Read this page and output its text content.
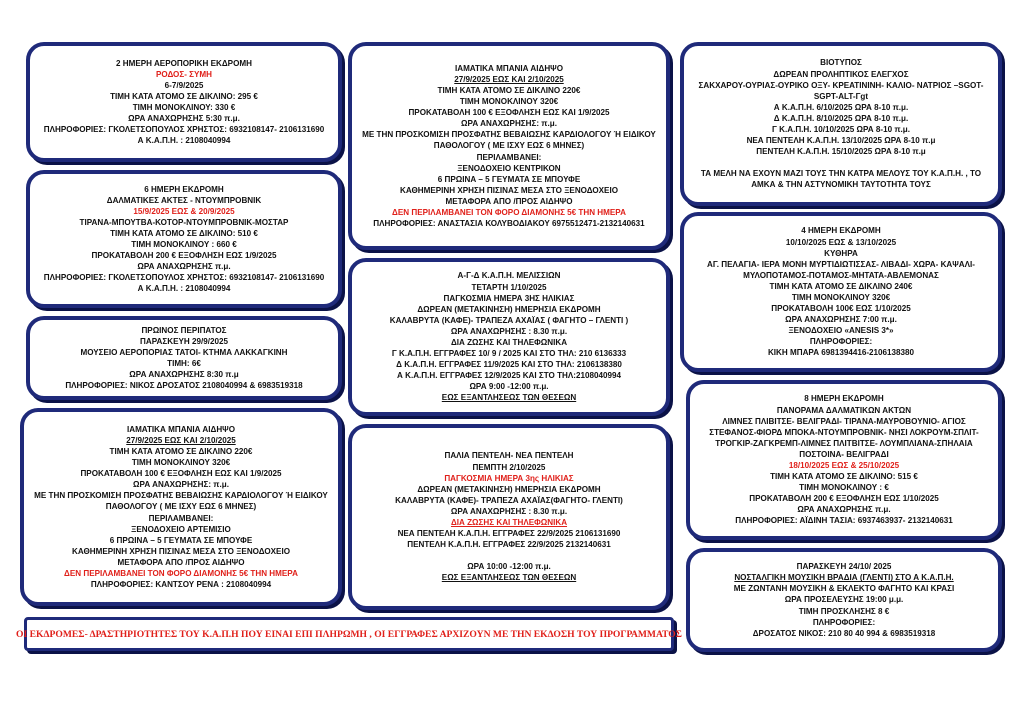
2 ΗΜΕΡΗ ΑΕΡΟΠΟΡΙΚΗ ΕΚΔΡΟΜΗ
ΡΟΔΟΣ- ΣΥΜΗ
6-7/9/2025
ΤΙΜΗ ΚΑΤΑ ΑΤΟΜΟ ΣΕ ΔΙΚΛΙΝΟ: 295 €
ΤΙΜΗ ΜΟΝΟΚΛΙΝΟΥ: 330 €
ΩΡΑ ΑΝΑΧΩΡΗΣΗΣ 5:30 π.μ.
ΠΛΗΡΟΦΟΡΙΕΣ: ΓΚΟΛΕΤΣΟΠΟΥΛΟΣ ΧΡΗΣΤΟΣ: 6932108147- 2106131690
Α Κ.Α.Π.Η. : 2108040994
6 ΗΜΕΡΗ ΕΚΔΡΟΜΗ
ΔΑΛΜΑΤΙΚΕΣ ΑΚΤΕΣ - ΝΤΟΥΜΠΡΟΒΝΙΚ
15/9/2025 ΕΩΣ & 20/9/2025
ΤΙΡΑΝΑ-ΜΠΟΥΤΒΑ-ΚΟΤΟΡ-ΝΤΟΥΜΠΡΟΒΝΙΚ-ΜΟΣΤΑΡ
ΤΙΜΗ ΚΑΤΑ ΑΤΟΜΟ ΣΕ ΔΙΚΛΙΝΟ: 510 €
ΤΙΜΗ ΜΟΝΟΚΛΙΝΟΥ : 660 €
ΠΡΟΚΑΤΑΒΟΛΗ 200 € ΕΞΟΦΛΗΣΗ ΕΩΣ 1/9/2025
ΩΡΑ ΑΝΑΧΩΡΗΣΗΣ π.μ.
ΠΛΗΡΟΦΟΡΙΕΣ: ΓΚΟΛΕΤΣΟΠΟΥΛΟΣ ΧΡΗΣΤΟΣ: 6932108147- 2106131690
Α Κ.Α.Π.Η. : 2108040994
ΠΡΩΙΝΟΣ ΠΕΡΙΠΑΤΟΣ
ΠΑΡΑΣΚΕΥΗ 29/9/2025
ΜΟΥΣΕΙΟ ΑΕΡΟΠΟΡΙΑΣ ΤΑΤΟΙ- ΚΤΗΜΑ ΛΑΚΚΑΓΚΙΝΗ
ΤΙΜΗ: 6€
ΩΡΑ ΑΝΑΧΩΡΗΣΗΣ 8:30 π.μ
ΠΛΗΡΟΦΟΡΙΕΣ: ΝΙΚΟΣ ΔΡΟΣΑΤΟΣ 2108040994 & 6983519318
ΙΑΜΑΤΙΚΑ ΜΠΑΝΙΑ ΑΙΔΗΨΟ
27/9/2025 ΕΩΣ ΚΑΙ 2/10/2025
ΤΙΜΗ ΚΑΤΑ ΑΤΟΜΟ ΣΕ ΔΙΚΛΙΝΟ 220€
ΤΙΜΗ ΜΟΝΟΚΛΙΝΟΥ 320€
ΠΡΟΚΑΤΑΒΟΛΗ 100 € ΕΞΟΦΛΗΣΗ ΕΩΣ ΚΑΙ 1/9/2025
ΩΡΑ ΑΝΑΧΩΡΗΣΗΣ: π.μ.
ΜΕ ΤΗΝ ΠΡΟΣΚΟΜΙΣΗ ΠΡΟΣΦΑΤΗΣ ΒΕΒΑΙΩΣΗΣ ΚΑΡΔΙΟΛΟΓΟΥ Ή ΕΙΔΙΚΟΥ
ΠΑΘΟΛΟΓΟΥ ( ΜΕ ΙΣΧΥ ΕΩΣ 6 ΜΗΝΕΣ)
ΠΕΡΙΛΑΜΒΑΝΕΙ:
ΞΕΝΟΔΟΧΕΙΟ ΑΡΤΕΜΙΣΙΟ
6 ΠΡΩΙΝΑ – 5 ΓΕΥΜΑΤΑ ΣΕ ΜΠΟΥΦΕ
ΚΑΘΗΜΕΡΙΝΗ ΧΡΗΣΗ ΠΙΣΙΝΑΣ ΜΕΣΑ ΣΤΟ ΞΕΝΟΔΟΧΕΙΟ
ΜΕΤΑΦΟΡΑ ΑΠΟ /ΠΡΟΣ ΑΙΔΗΨΟ
ΔΕΝ ΠΕΡΙΛΑΜΒΑΝΕΙ ΤΟΝ ΦΟΡΟ ΔΙΑΜΟΝΗΣ 5€ ΤΗΝ ΗΜΕΡΑ
ΠΛΗΡΟΦΟΡΙΕΣ: ΚΑΝΤΣΟΥ ΡΕΝΑ : 2108040994
ΙΑΜΑΤΙΚΑ ΜΠΑΝΙΑ ΑΙΔΗΨΟ
27/9/2025 ΕΩΣ ΚΑΙ 2/10/2025
ΤΙΜΗ ΚΑΤΑ ΑΤΟΜΟ ΣΕ ΔΙΚΛΙΝΟ 220€
ΤΙΜΗ ΜΟΝΟΚΛΙΝΟΥ 320€
ΠΡΟΚΑΤΑΒΟΛΗ 100 € ΕΞΟΦΛΗΣΗ ΕΩΣ ΚΑΙ 1/9/2025
ΩΡΑ ΑΝΑΧΩΡΗΣΗΣ: π.μ.
ΜΕ ΤΗΝ ΠΡΟΣΚΟΜΙΣΗ ΠΡΟΣΦΑΤΗΣ ΒΕΒΑΙΩΣΗΣ ΚΑΡΔΙΟΛΟΓΟΥ Ή ΕΙΔΙΚΟΥ
ΠΑΘΟΛΟΓΟΥ ( ΜΕ ΙΣΧΥ ΕΩΣ 6 ΜΗΝΕΣ)
ΠΕΡΙΛΑΜΒΑΝΕΙ:
ΞΕΝΟΔΟΧΕΙΟ ΚΕΝΤΡΙΚΟΝ
6 ΠΡΩΙΝΑ – 5 ΓΕΥΜΑΤΑ ΣΕ ΜΠΟΥΦΕ
ΚΑΘΗΜΕΡΙΝΗ ΧΡΗΣΗ ΠΙΣΙΝΑΣ ΜΕΣΑ ΣΤΟ ΞΕΝΟΔΟΧΕΙΟ
ΜΕΤΑΦΟΡΑ ΑΠΟ /ΠΡΟΣ ΑΙΔΗΨΟ
ΔΕΝ ΠΕΡΙΛΑΜΒΑΝΕΙ ΤΟΝ ΦΟΡΟ ΔΙΑΜΟΝΗΣ 5€ ΤΗΝ ΗΜΕΡΑ
ΠΛΗΡΟΦΟΡΙΕΣ: ΑΝΑΣΤΑΣΙΑ ΚΟΛΥΒΟΔΙΑΚΟΥ 6975512471-2132140631
Α-Γ-Δ Κ.Α.Π.Η. ΜΕΛΙΣΣΙΩΝ
ΤΕΤΑΡΤΗ 1/10/2025
ΠΑΓΚΟΣΜΙΑ ΗΜΕΡΑ 3ΗΣ ΗΛΙΚΙΑΣ
ΔΩΡΕΑΝ (ΜΕΤΑΚΙΝΗΣΗ) ΗΜΕΡΗΣΙΑ ΕΚΔΡΟΜΗ
ΚΑΛΑΒΡΥΤΑ (ΚΑΦΕ)- ΤΡΑΠΕΖΑ ΑΧΑΪΑΣ ( ΦΑΓΗΤΟ – ΓΛΕΝΤΙ )
ΩΡΑ ΑΝΑΧΩΡΗΣΗΣ : 8.30 π.μ.
ΔΙΑ ΖΩΣΗΣ ΚΑΙ ΤΗΛΕΦΩΝΙΚΑ
Γ Κ.Α.Π.Η. ΕΓΓΡΑΦΕΣ 10/ 9 / 2025 ΚΑΙ ΣΤΟ ΤΗΛ: 210 6136333
Δ Κ.Α.Π.Η. ΕΓΓΡΑΦΕΣ 11/9/2025 ΚΑΙ ΣΤΟ ΤΗΛ: 2106138380
Α Κ.Α.Π.Η. ΕΓΓΡΑΦΕΣ 12/9/2025 ΚΑΙ ΣΤΟ ΤΗΛ:2108040994
ΩΡΑ 9:00 -12:00 π.μ.
ΕΩΣ ΕΞΑΝΤΛΗΣΕΩΣ ΤΩΝ ΘΕΣΕΩΝ
ΠΑΛΙΑ ΠΕΝΤΕΛΗ- ΝΕΑ ΠΕΝΤΕΛΗ
ΠΕΜΠΤΗ 2/10/2025
ΠΑΓΚΟΣΜΙΑ ΗΜΕΡΑ 3ης ΗΛΙΚΙΑΣ
ΔΩΡΕΑΝ (ΜΕΤΑΚΙΝΗΣΗ) ΗΜΕΡΗΣΙΑ ΕΚΔΡΟΜΗ
ΚΑΛΑΒΡΥΤΑ (ΚΑΦΕ)- ΤΡΑΠΕΖΑ ΑΧΑΪΑΣ(ΦΑΓΗΤΟ- ΓΛΕΝΤΙ)
ΩΡΑ ΑΝΑΧΩΡΗΣΗΣ : 8.30 π.μ.
ΔΙΑ ΖΩΣΗΣ ΚΑΙ ΤΗΛΕΦΩΝΙΚΑ
ΝΕΑ ΠΕΝΤΕΛΗ Κ.Α.Π.Η. ΕΓΓΡΑΦΕΣ 22/9/2025 2106131690
ΠΕΝΤΕΛΗ Κ.Α.Π.Η. ΕΓΓΡΑΦΕΣ 22/9/2025 2132140631
ΩΡΑ 10:00 -12:00 π.μ.
ΕΩΣ ΕΞΑΝΤΛΗΣΕΩΣ ΤΩΝ ΘΕΣΕΩΝ
ΒΙΟΤΥΠΟΣ
ΔΩΡΕΑΝ ΠΡΟΛΗΠΤΙΚΟΣ ΕΛΕΓΧΟΣ
ΣΑΚΧΑΡΟΥ-ΟΥΡΙΑΣ-ΟΥΡΙΚΟ ΟΞΥ- ΚΡΕΑΤΙΝΙΝΗ- ΚΑΛΙΟ- ΝΑΤΡΙΟΣ –SGOT-
SGPT-ALT-Γgt
Α Κ.Α.Π.Η. 6/10/2025 ΩΡΑ 8-10 π.μ.
Δ Κ.Α.Π.Η. 8/10/2025 ΩΡΑ 8-10 π.μ.
Γ Κ.Α.Π.Η. 10/10/2025 ΩΡΑ 8-10 π.μ.
ΝΕΑ ΠΕΝΤΕΛΗ Κ.Α.Π.Η. 13/10/2025 ΩΡΑ 8-10 π.μ
ΠΕΝΤΕΛΗ Κ.Α.Π.Η. 15/10/2025 ΩΡΑ 8-10 π.μ
ΤΑ ΜΕΛΗ ΝΑ ΕΧΟΥΝ ΜΑΖΙ ΤΟΥΣ ΤΗΝ ΚΑΤΡΑ ΜΕΛΟΥΣ ΤΟΥ Κ.Α.Π.Η. , ΤΟ
ΑΜΚΑ & ΤΗΝ ΑΣΤΥΝΟΜΙΚΗ ΤΑΥΤΟΤΗΤΑ ΤΟΥΣ
4 ΗΜΕΡΗ ΕΚΔΡΟΜΗ
10/10/2025 ΕΩΣ & 13/10/2025
ΚΥΘΗΡΑ
ΑΓ. ΠΕΛΑΓΙΑ- ΙΕΡΑ ΜΟΝΗ ΜΥΡΤΙΔΙΩΤΙΣΣΑΣ- ΛΙΒΑΔΙ- ΧΩΡΑ- ΚΑΨΑΛΙ-
ΜΥΛΟΠΟΤΑΜΟΣ-ΠΟΤΑΜΟΣ-ΜΗΤΑΤΑ-ΑΒΛΕΜΟΝΑΣ
ΤΙΜΗ ΚΑΤΑ ΑΤΟΜΟ ΣΕ ΔΙΚΛΙΝΟ 240€
ΤΙΜΗ ΜΟΝΟΚΛΙΝΟΥ 320€
ΠΡΟΚΑΤΑΒΟΛΗ 100€ ΕΩΣ 1/10/2025
ΩΡΑ ΑΝΑΧΩΡΗΣΗΣ 7:00 π.μ.
ΞΕΝΟΔΟΧΕΙΟ «ANESIS 3*»
ΠΛΗΡΟΦΟΡΙΕΣ:
ΚΙΚΗ ΜΠΑΡΑ 6981394416-2106138380
8 ΗΜΕΡΗ ΕΚΔΡΟΜΗ
ΠΑΝΟΡΑΜΑ ΔΑΛΜΑΤΙΚΩΝ ΑΚΤΩΝ
ΛΙΜΝΕΣ ΠΛΙΒΙΤΣΕ- ΒΕΛΙΓΡΑΔΙ- ΤΙΡΑΝΑ-ΜΑΥΡΟΒΟΥΝΙΟ- ΑΓΙΟΣ
ΣΤΕΦΑΝΟΣ-ΦΙΟΡΔ ΜΠΟΚΑ-ΝΤΟΥΜΠΡΟΒΝΙΚ- ΝΗΣΙ ΛΟΚΡΟΥΜ-ΣΠΛΙΤ-
ΤΡΟΓΚΙΡ-ΖΑΓΚΡΕΜΠ-ΛΙΜΝΕΣ ΠΛΙΤΒΙΤΣΕ- ΛΟΥΜΠΛΙΑΝΑ-ΣΠΗΛΑΙΑ
ΠΟΣΤΟΙΝΑ- ΒΕΛΙΓΡΑΔΙ
18/10/2025 ΕΩΣ & 25/10/2025
ΤΙΜΗ ΚΑΤΑ ΑΤΟΜΟ ΣΕ ΔΙΚΛΙΝΟ: 515 €
ΤΙΜΗ ΜΟΝΟΚΛΙΝΟΥ : €
ΠΡΟΚΑΤΑΒΟΛΗ 200 € ΕΞΟΦΛΗΣΗ ΕΩΣ 1/10/2025
ΩΡΑ ΑΝΑΧΩΡΗΣΗΣ π.μ.
ΠΛΗΡΟΦΟΡΙΕΣ: ΑΪΔΙΝΗ ΤΑΣΙΑ: 6937463937- 2132140631
ΠΑΡΑΣΚΕΥΗ 24/10/ 2025
ΝΟΣΤΑΛΓΙΚΗ ΜΟΥΣΙΚΗ ΒΡΑΔΙΑ (ΓΛΕΝΤΙ) ΣΤΟ Α Κ.Α.Π.Η.
ΜΕ ΖΩΝΤΑΝΗ ΜΟΥΣΙΚΗ & ΕΚΛΕΚΤΟ ΦΑΓΗΤΟ ΚΑΙ ΚΡΑΣΙ
ΩΡΑ ΠΡΟΣΕΛΕΥΣΗΣ 19:00 μ.μ.
ΤΙΜΗ ΠΡΟΣΚΛΗΣΗΣ 8 €
ΠΛΗΡΟΦΟΡΙΕΣ:
ΔΡΟΣΑΤΟΣ ΝΙΚΟΣ: 210 80 40 994 & 6983519318
ΟΙ ΕΚΔΡΟΜΕΣ- ΔΡΑΣΤΗΡΙΟΤΗΤΕΣ ΤΟΥ Κ.Α.Π.Η ΠΟΥ ΕΙΝΑΙ ΕΠΙ ΠΛΗΡΩΜΗ , ΟΙ ΕΓΓΡΑΦΕΣ ΑΡΧΙΖΟΥΝ ΜΕ ΤΗΝ ΕΚΔΟΣΗ ΤΟΥ ΠΡΟΓΡΑΜΜΑΤΟΣ
